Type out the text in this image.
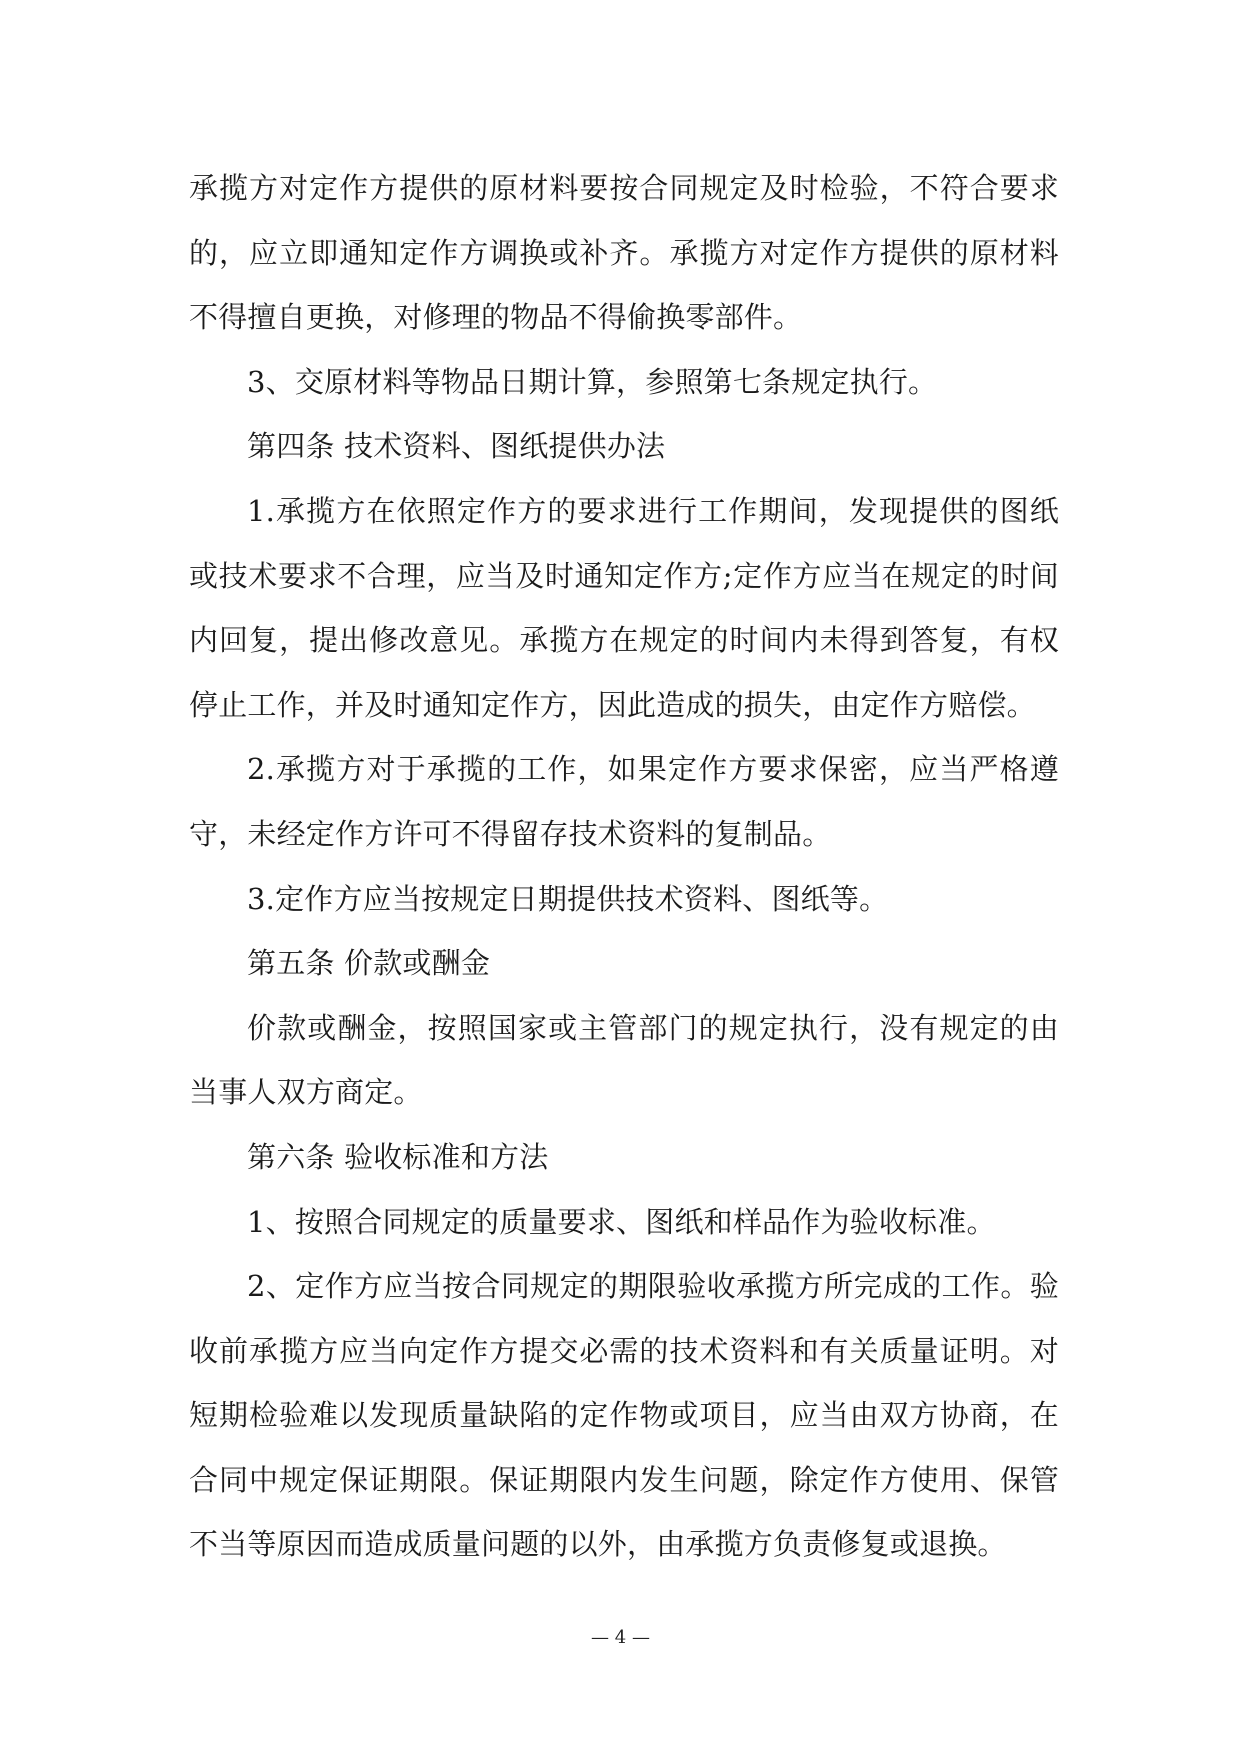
承揽方对定作方提供的原材料要按合同规定及时检验，不符合要求的，应立即通知定作方调换或补齐。承揽方对定作方提供的原材料不得擅自更换，对修理的物品不得偷换零部件。

3、交原材料等物品日期计算，参照第七条规定执行。

第四条 技术资料、图纸提供办法

1.承揽方在依照定作方的要求进行工作期间，发现提供的图纸或技术要求不合理，应当及时通知定作方;定作方应当在规定的时间内回复，提出修改意见。承揽方在规定的时间内未得到答复，有权停止工作，并及时通知定作方，因此造成的损失，由定作方赔偿。

2.承揽方对于承揽的工作，如果定作方要求保密，应当严格遵守，未经定作方许可不得留存技术资料的复制品。

3.定作方应当按规定日期提供技术资料、图纸等。

第五条 价款或酬金

价款或酬金，按照国家或主管部门的规定执行，没有规定的由当事人双方商定。

第六条 验收标准和方法

1、按照合同规定的质量要求、图纸和样品作为验收标准。

2、定作方应当按合同规定的期限验收承揽方所完成的工作。验收前承揽方应当向定作方提交必需的技术资料和有关质量证明。对短期检验难以发现质量缺陷的定作物或项目，应当由双方协商，在合同中规定保证期限。保证期限内发生问题，除定作方使用、保管不当等原因而造成质量问题的以外，由承揽方负责修复或退换。

— 4 —
